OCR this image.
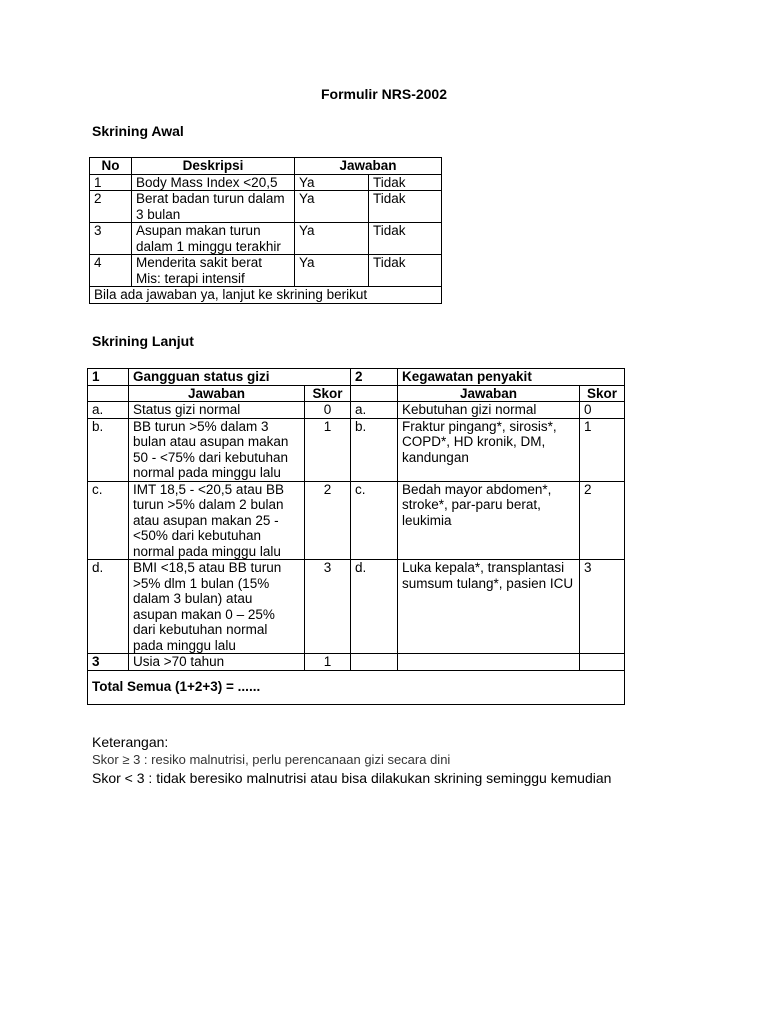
Formulir NRS-2002
Skrining Awal
No	Deskripsi	Jawaban	
1	Body Mass Index <20,5	Ya	Tidak
2	Berat badan turun dalam 3 bulan	Ya	Tidak
3	Asupan makan turun dalam 1 minggu terakhir	Ya	Tidak
4	Menderita sakit berat Mis: terapi intensif	Ya	Tidak
Bila ada jawaban ya, lanjut ke skrining berikut			
Skrining Lanjut
1	Gangguan status gizi		2	Kegawatan penyakit	
	Jawaban	Skor		Jawaban	Skor
a.	Status gizi normal	0	a.	Kebutuhan gizi normal	0
b.	BB turun >5% dalam 3 bulan atau asupan makan 50 - <75% dari kebutuhan normal pada minggu lalu	1	b.	Fraktur pingang*, sirosis*, COPD*, HD kronik, DM, kandungan	1
c.	IMT 18,5 - <20,5 atau BB turun >5% dalam 2 bulan atau asupan makan 25 - <50% dari kebutuhan normal pada minggu lalu	2	c.	Bedah mayor abdomen*, stroke*, par-paru berat, leukimia	2
d.	BMI <18,5 atau BB turun >5% dlm 1 bulan (15% dalam 3 bulan) atau asupan makan 0 – 25% dari kebutuhan normal pada minggu lalu	3	d.	Luka kepala*, transplantasi sumsum tulang*, pasien ICU	3
3	Usia >70 tahun	1			
Total Semua (1+2+3) = ......					
Keterangan:
Skor ≥ 3 : resiko malnutrisi, perlu perencanaan gizi secara dini
Skor < 3 : tidak beresiko malnutrisi atau bisa dilakukan skrining seminggu kemudian
